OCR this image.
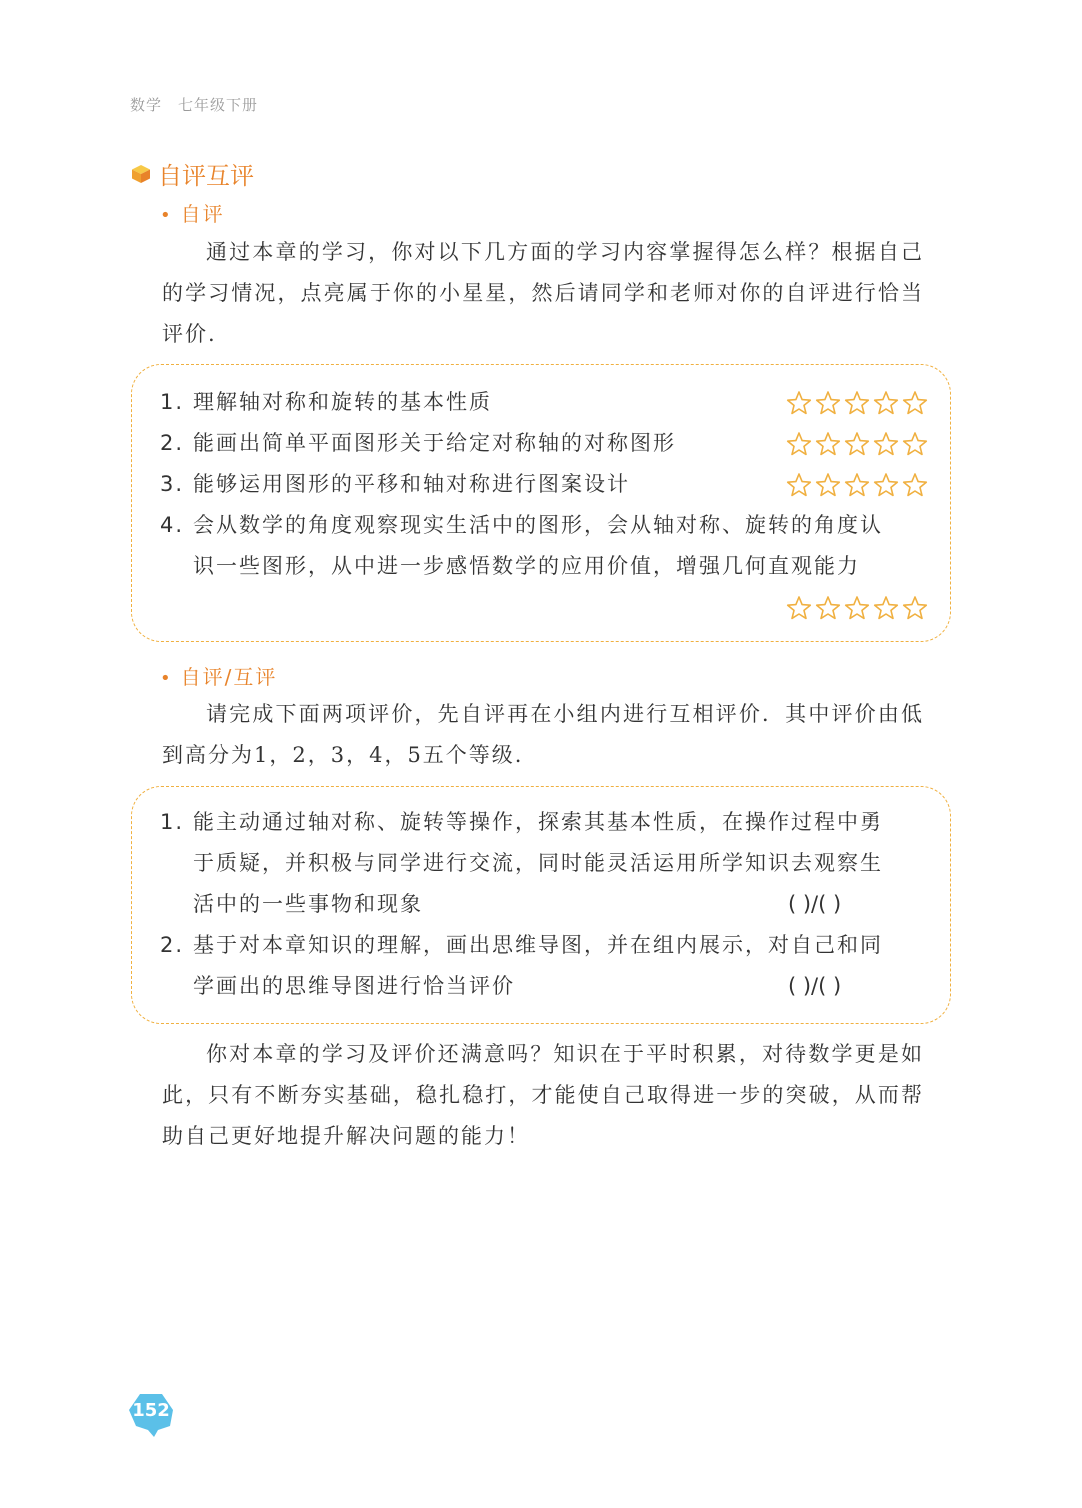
数学 七年级下册
自评互评
• 自评
通过本章的学习，你对以下几方面的学习内容掌握得怎么样？根据自己的学习情况，点亮属于你的小星星，然后请同学和老师对你的自评进行恰当评价.
1. 理解轴对称和旋转的基本性质
2. 能画出简单平面图形关于给定对称轴的对称图形
3. 能够运用图形的平移和轴对称进行图案设计
4. 会从数学的角度观察现实生活中的图形，会从轴对称、旋转的角度认
识一些图形，从中进一步感悟数学的应用价值，增强几何直观能力
• 自评/互评
请完成下面两项评价，先自评再在小组内进行互相评价．其中评价由低到高分为1，2，3，4，5五个等级.
1. 能主动通过轴对称、旋转等操作，探索其基本性质，在操作过程中勇
于质疑，并积极与同学进行交流，同时能灵活运用所学知识去观察生
活中的一些事物和现象	( )/( )
2. 基于对本章知识的理解，画出思维导图，并在组内展示，对自己和同
学画出的思维导图进行恰当评价	( )/( )
你对本章的学习及评价还满意吗？知识在于平时积累，对待数学更是如此，只有不断夯实基础，稳扎稳打，才能使自己取得进一步的突破，从而帮助自己更好地提升解决问题的能力！
152
